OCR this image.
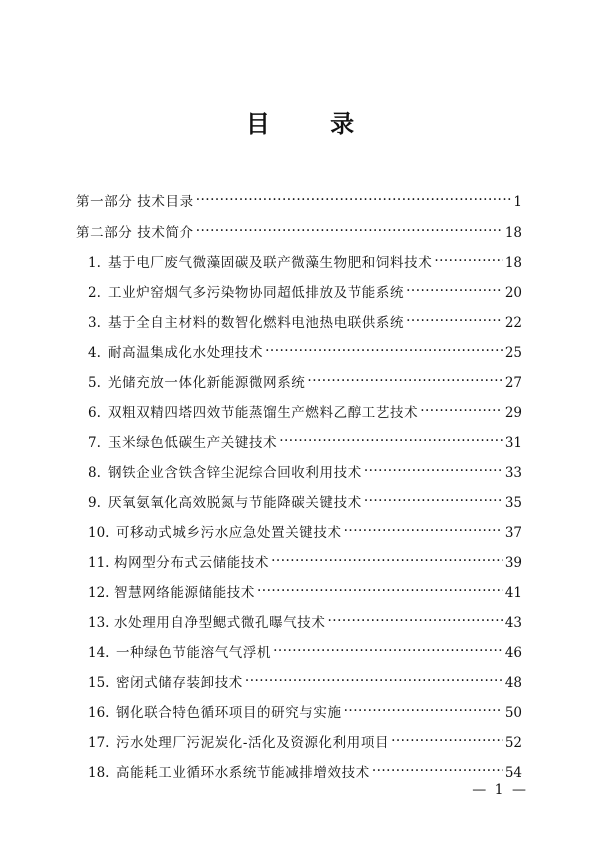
目 录
第一部分 技术目录 .....	1
第二部分 技术简介 .....	18
1. 基于电厂废气微藻固碳及联产微藻生物肥和饲料技术 .....	18
2. 工业炉窑烟气多污染物协同超低排放及节能系统 .....	20
3. 基于全自主材料的数智化燃料电池热电联供系统 .....	22
4. 耐高温集成化水处理技术 .....	25
5. 光储充放一体化新能源微网系统 .....	27
6. 双粗双精四塔四效节能蒸馏生产燃料乙醇工艺技术 .....	29
7. 玉米绿色低碳生产关键技术 .....	31
8. 钢铁企业含铁含锌尘泥综合回收利用技术 .....	33
9. 厌氧氨氧化高效脱氮与节能降碳关键技术 .....	35
10. 可移动式城乡污水应急处置关键技术 .....	37
11. 构网型分布式云储能技术 .....	39
12. 智慧网络能源储能技术 .....	41
13. 水处理用自净型鳃式微孔曝气技术 .....	43
14. 一种绿色节能溶气气浮机 .....	46
15. 密闭式储存装卸技术 .....	48
16. 钢化联合特色循环项目的研究与实施 .....	50
17. 污水处理厂污泥炭化-活化及资源化利用项目 .....	52
18. 高能耗工业循环水系统节能减排增效技术 .....	54
— 1 —
